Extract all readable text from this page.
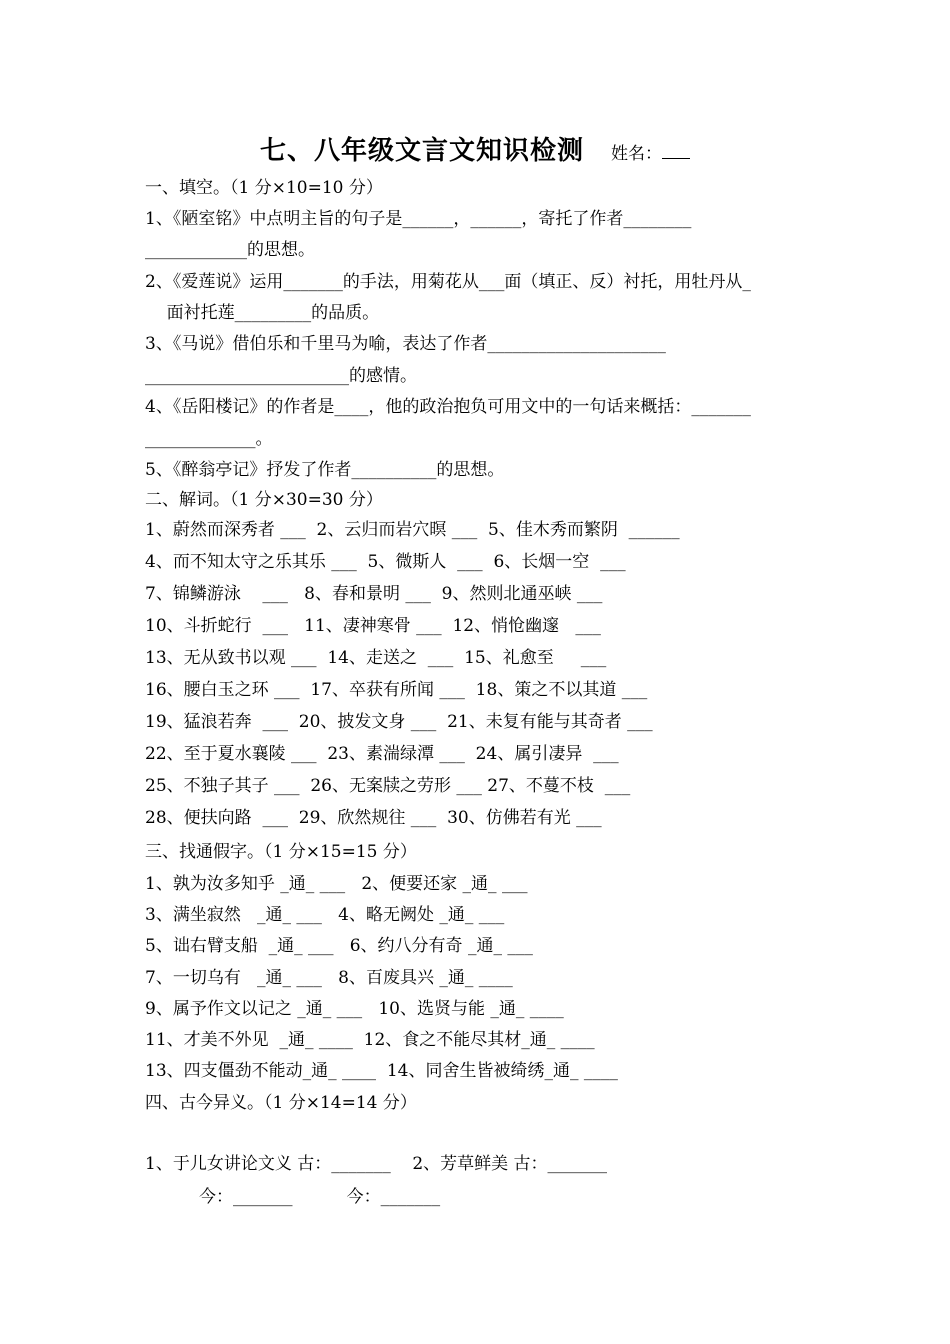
七、八年级文言文知识检测 姓名：
一、填空。（1 分×10=10 分）
1、《陋室铭》中点明主旨的句子是______，______，寄托了作者________
____________的思想。
2、《爱莲说》运用_______的手法，用菊花从___面（填正、反）衬托，用牡丹从_
面衬托莲_________的品质。
3、《马说》借伯乐和千里马为喻，表达了作者_____________________
________________________的感情。
4、《岳阳楼记》的作者是____，他的政治抱负可用文中的一句话来概括：_______
_____________。
5、《醉翁亭记》抒发了作者__________的思想。
二、解词。（1 分×30=30 分）
1、蔚然而深秀者 ___  2、云归而岩穴暝 ___  5、佳木秀而繁阴  ______
4、而不知太守之乐其乐 ___  5、微斯人  ___  6、长烟一空  ___
7、锦鳞游泳    ___   8、春和景明 ___  9、然则北通巫峡 ___
10、斗折蛇行  ___   11、凄神寒骨 ___  12、悄怆幽邃   ___
13、无从致书以观 ___  14、走送之  ___  15、礼愈至     ___
16、腰白玉之环 ___  17、卒获有所闻 ___  18、策之不以其道 ___
19、猛浪若奔  ___  20、披发文身 ___  21、未复有能与其奇者 ___
22、至于夏水襄陵 ___  23、素湍绿潭 ___  24、属引凄异  ___
25、不独子其子 ___  26、无案牍之劳形 ___ 27、不蔓不枝  ___
28、便扶向路  ___  29、欣然规往 ___  30、仿佛若有光 ___
三、找通假字。（1 分×15=15 分）
1、孰为汝多知乎 _通_ ___   2、便要还家 _通_ ___
3、满坐寂然   _通_ ___   4、略无阙处 _通_ ___
5、诎右臂支船  _通_ ___   6、约八分有奇 _通_ ___
7、一切乌有   _通_ ___   8、百废具兴 _通_ ____
9、属予作文以记之 _通_ ___   10、选贤与能 _通_ ____
11、才美不外见  _通_ ____  12、食之不能尽其材_通_ ____
13、四支僵劲不能动_通_ ____  14、同舍生皆被绮绣_通_ ____
四、古今异义。（1 分×14=14 分）
1、于儿女讲论文义 古：_______    2、芳草鲜美 古：_______
今：_______          今：_______
